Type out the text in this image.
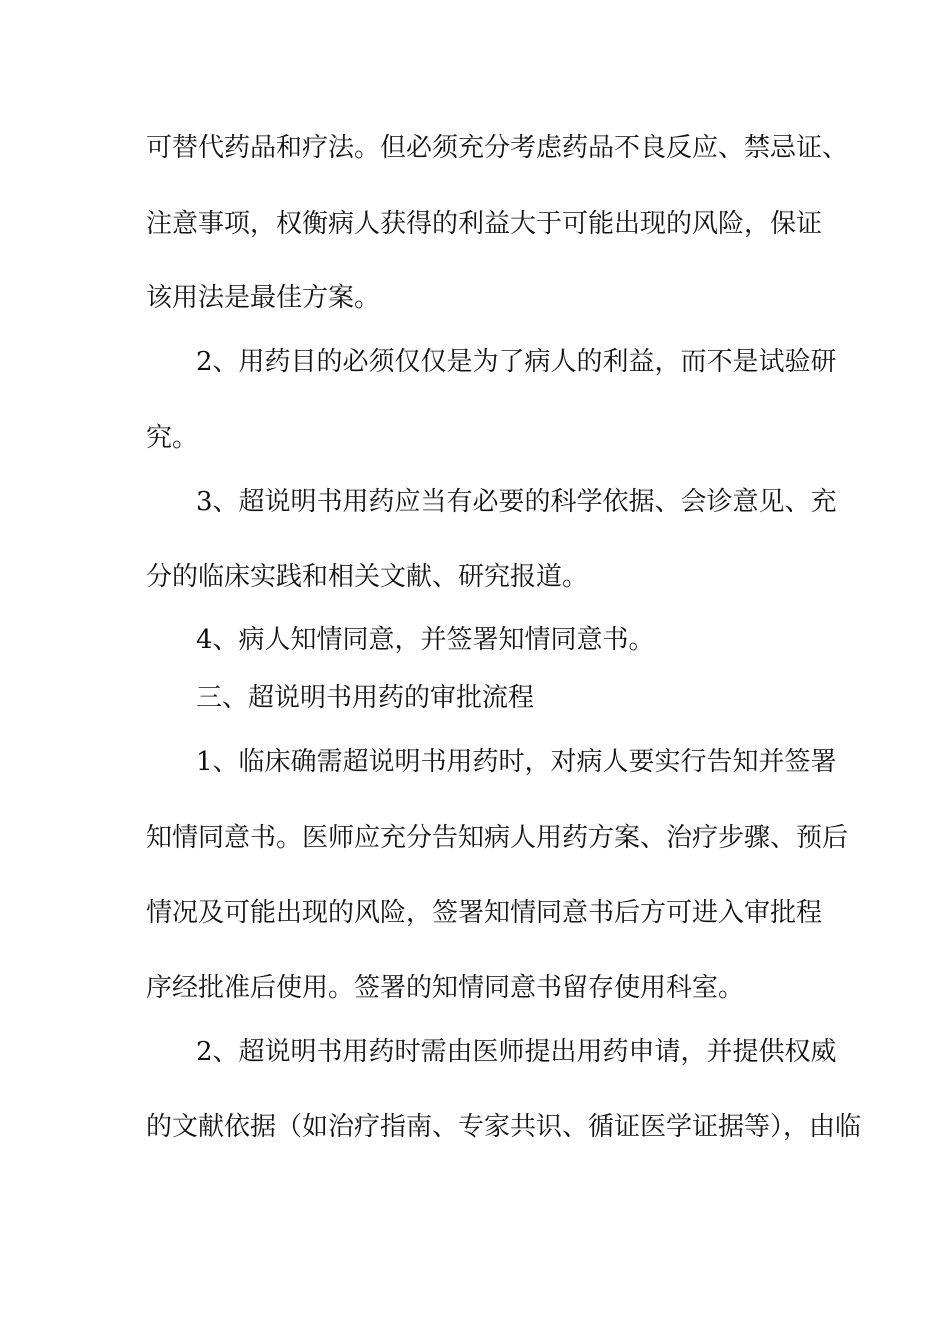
可替代药品和疗法。但必须充分考虑药品不良反应、禁忌证、
注意事项，权衡病人获得的利益大于可能出现的风险，保证
该用法是最佳方案。
2、用药目的必须仅仅是为了病人的利益，而不是试验研
究。
3、超说明书用药应当有必要的科学依据、会诊意见、充
分的临床实践和相关文献、研究报道。
4、病人知情同意，并签署知情同意书。
三、超说明书用药的审批流程
1、临床确需超说明书用药时，对病人要实行告知并签署
知情同意书。医师应充分告知病人用药方案、治疗步骤、预后
情况及可能出现的风险，签署知情同意书后方可进入审批程
序经批准后使用。签署的知情同意书留存使用科室。
2、超说明书用药时需由医师提出用药申请，并提供权威
的文献依据（如治疗指南、专家共识、循证医学证据等），由临
